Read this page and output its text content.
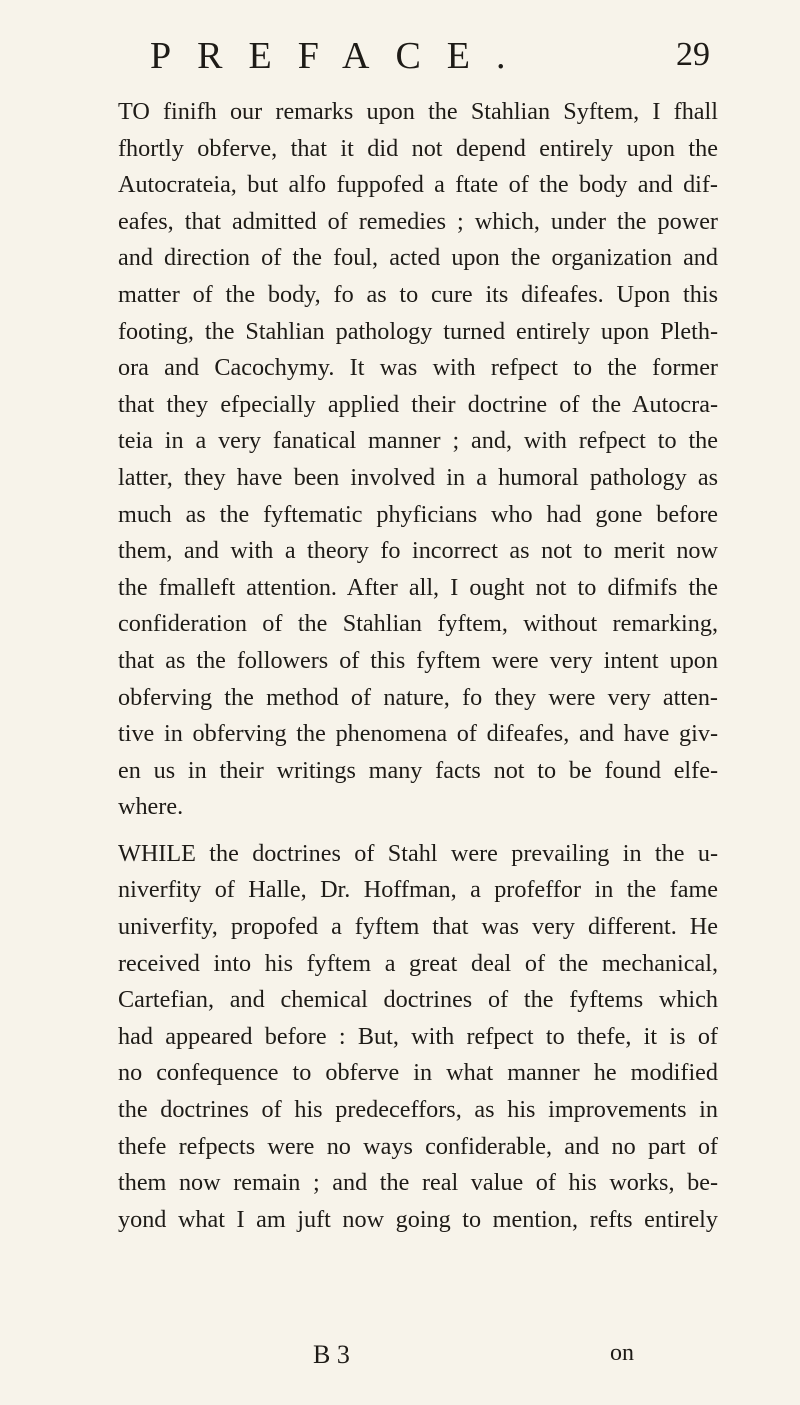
PREFACE.	29

TO finifh our remarks upon the Stahlian Syftem, I fhall
fhortly obferve, that it did not depend entirely upon the
Autocrateia, but alfo fuppofed a ftate of the body and dif-
eafes, that admitted of remedies ; which, under the power
and direction of the foul, acted upon the organization and
matter of the body, fo as to cure its difeafes. Upon this
footing, the Stahlian pathology turned entirely upon Pleth-
ora and Cacochymy. It was with refpect to the former
that they efpecially applied their doctrine of the Autocra-
teia in a very fanatical manner ; and, with refpect to the
latter, they have been involved in a humoral pathology as
much as the fyftematic phyficians who had gone before
them, and with a theory fo incorrect as not to merit now
the fmalleft attention. After all, I ought not to difmifs the
confideration of the Stahlian fyftem, without remarking,
that as the followers of this fyftem were very intent upon
obferving the method of nature, fo they were very atten-
tive in obferving the phenomena of difeafes, and have giv-
en us in their writings many facts not to be found elfe-
where.

WHILE the doctrines of Stahl were prevailing in the u-
niverfity of Halle, Dr. Hoffman, a profeffor in the fame
univerfity, propofed a fyftem that was very different. He
received into his fyftem a great deal of the mechanical,
Cartefian, and chemical doctrines of the fyftems which
had appeared before : But, with refpect to thefe, it is of
no confequence to obferve in what manner he modified
the doctrines of his predeceffors, as his improvements in
thefe refpects were no ways confiderable, and no part of
them now remain ; and the real value of his works, be-
yond what I am juft now going to mention, refts entirely

B 3	on
